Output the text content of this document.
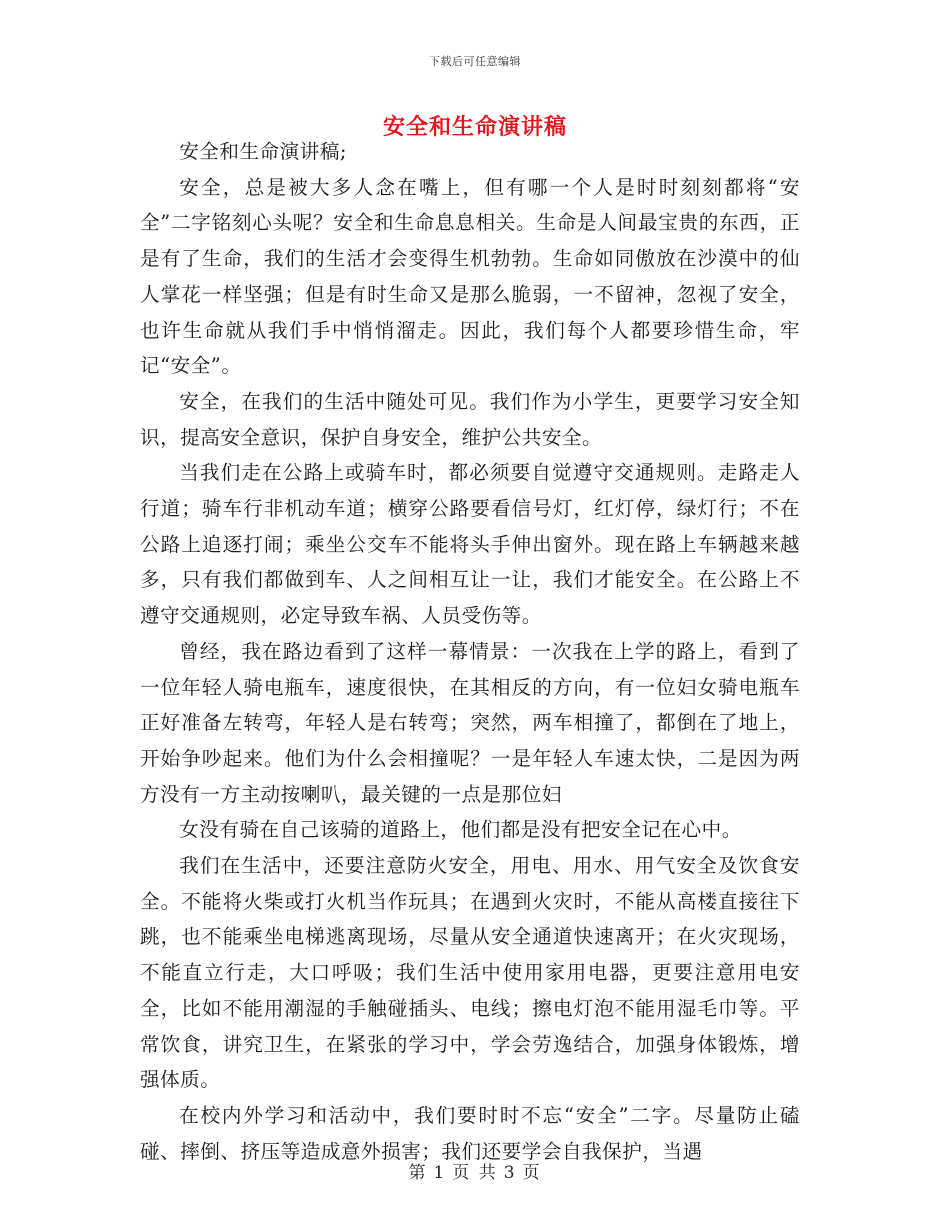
下载后可任意编辑
安全和生命演讲稿

安全和生命演讲稿;

安全，总是被大多人念在嘴上，但有哪一个人是时时刻刻都将“安全”二字铭刻心头呢？安全和生命息息相关。生命是人间最宝贵的东西，正是有了生命，我们的生活才会变得生机勃勃。生命如同傲放在沙漠中的仙人掌花一样坚强；但是有时生命又是那么脆弱，一不留神，忽视了安全，也许生命就从我们手中悄悄溜走。因此，我们每个人都要珍惜生命，牢记“安全”。

安全，在我们的生活中随处可见。我们作为小学生，更要学习安全知识，提高安全意识，保护自身安全，维护公共安全。

当我们走在公路上或骑车时，都必须要自觉遵守交通规则。走路走人行道；骑车行非机动车道；横穿公路要看信号灯，红灯停，绿灯行；不在公路上追逐打闹；乘坐公交车不能将头手伸出窗外。现在路上车辆越来越多，只有我们都做到车、人之间相互让一让，我们才能安全。在公路上不遵守交通规则，必定导致车祸、人员受伤等。

曾经，我在路边看到了这样一幕情景：一次我在上学的路上，看到了一位年轻人骑电瓶车，速度很快，在其相反的方向，有一位妇女骑电瓶车正好准备左转弯，年轻人是右转弯；突然，两车相撞了，都倒在了地上，开始争吵起来。他们为什么会相撞呢？一是年轻人车速太快，二是因为两方没有一方主动按喇叭，最关键的一点是那位妇

女没有骑在自己该骑的道路上，他们都是没有把安全记在心中。

我们在生活中，还要注意防火安全，用电、用水、用气安全及饮食安全。不能将火柴或打火机当作玩具；在遇到火灾时，不能从高楼直接往下跳，也不能乘坐电梯逃离现场，尽量从安全通道快速离开；在火灾现场，不能直立行走，大口呼吸；我们生活中使用家用电器，更要注意用电安全，比如不能用潮湿的手触碰插头、电线；擦电灯泡不能用湿毛巾等。平常饮食，讲究卫生，在紧张的学习中，学会劳逸结合，加强身体锻炼，增强体质。

在校内外学习和活动中，我们要时时不忘“安全”二字。尽量防止磕碰、摔倒、挤压等造成意外损害；我们还要学会自我保护，当遇

第 1 页 共 3 页
